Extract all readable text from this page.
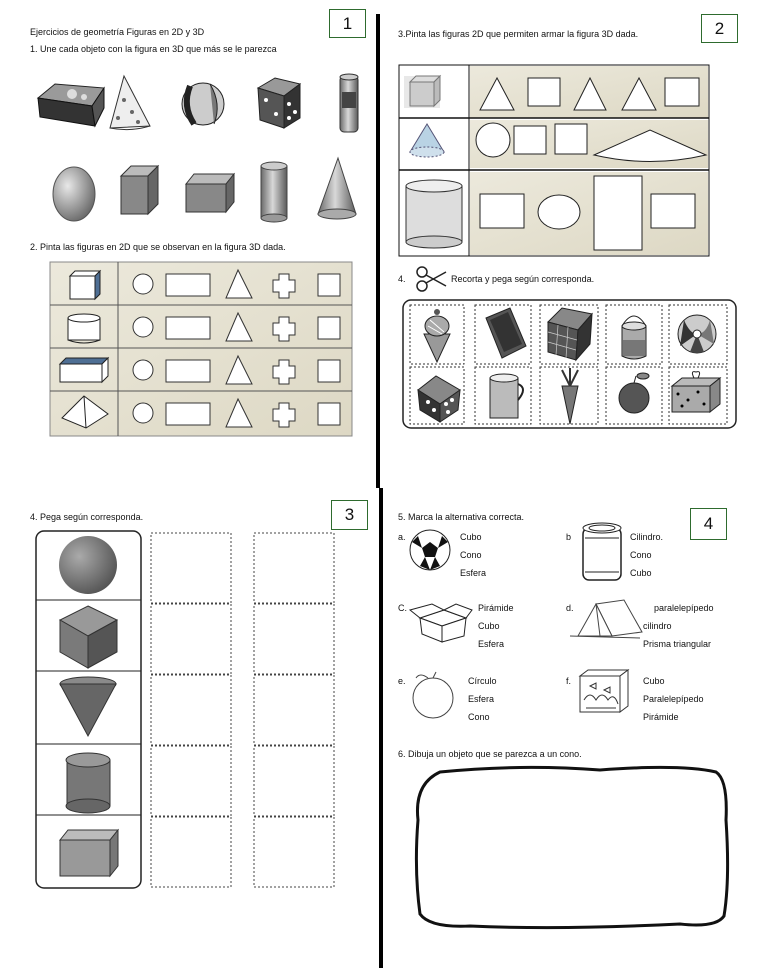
Ejercicios de geometría Figuras en 2D y 3D
1. Une cada objeto con la figura en 3D que más se le parezca
1
2. Pinta las figuras en 2D que se observan en la figura 3D dada.
3.Pinta las figuras 2D que permiten armar la figura 3D dada.	2
4.	Recorta y pega según corresponda.
4. Pega según corresponda.	3	5. Marca la alternativa correcta.	4
a.	Cubo
Cono
Esfera
b	Cilindro.
Cono
Cubo
C.	Pirámide
Cubo
Esfera
d.	paralelepípedo
cilindro
Prisma triangular
e.	Círculo
Esfera
Cono
f.	Cubo
Paralelepípedo
Pirámide
6. Dibuja un objeto que se parezca a un cono.
